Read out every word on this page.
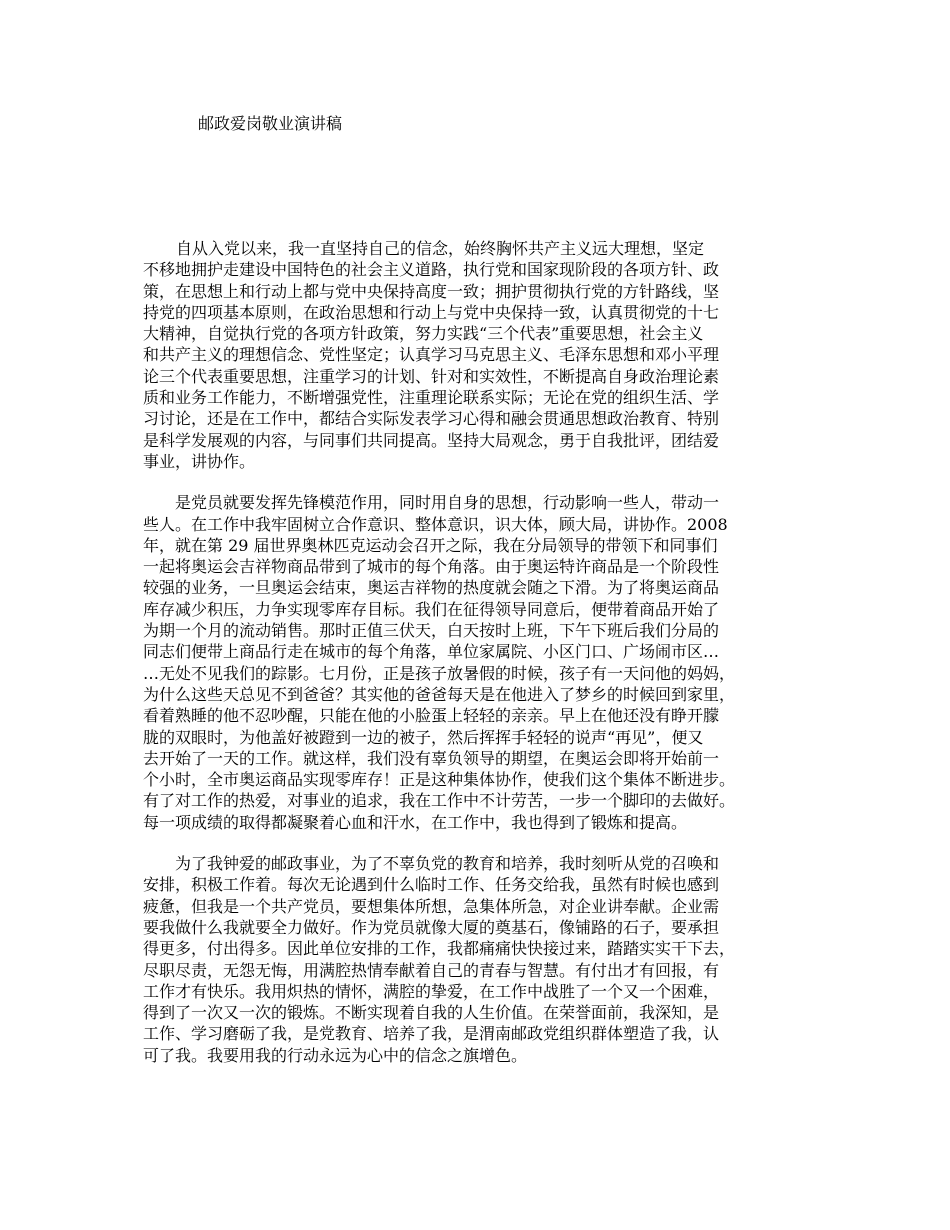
邮政爱岗敬业演讲稿

自从入党以来，我一直坚持自己的信念，始终胸怀共产主义远大理想，坚定
不移地拥护走建设中国特色的社会主义道路，执行党和国家现阶段的各项方针、政
策，在思想上和行动上都与党中央保持高度一致；拥护贯彻执行党的方针路线，坚
持党的四项基本原则，在政治思想和行动上与党中央保持一致，认真贯彻党的十七
大精神，自觉执行党的各项方针政策，努力实践“三个代表”重要思想，社会主义
和共产主义的理想信念、党性坚定；认真学习马克思主义、毛泽东思想和邓小平理
论三个代表重要思想，注重学习的计划、针对和实效性，不断提高自身政治理论素
质和业务工作能力，不断增强党性，注重理论联系实际；无论在党的组织生活、学
习讨论，还是在工作中，都结合实际发表学习心得和融会贯通思想政治教育、特别
是科学发展观的内容，与同事们共同提高。坚持大局观念，勇于自我批评，团结爱
事业，讲协作。

是党员就要发挥先锋模范作用，同时用自身的思想，行动影响一些人，带动一
些人。在工作中我牢固树立合作意识、整体意识，识大体，顾大局，讲协作。2008
年，就在第 29 届世界奥林匹克运动会召开之际，我在分局领导的带领下和同事们
一起将奥运会吉祥物商品带到了城市的每个角落。由于奥运特许商品是一个阶段性
较强的业务，一旦奥运会结束，奥运吉祥物的热度就会随之下滑。为了将奥运商品
库存减少积压，力争实现零库存目标。我们在征得领导同意后，便带着商品开始了
为期一个月的流动销售。那时正值三伏天，白天按时上班，下午下班后我们分局的
同志们便带上商品行走在城市的每个角落，单位家属院、小区门口、广场闹市区…
…无处不见我们的踪影。七月份，正是孩子放暑假的时候，孩子有一天问他的妈妈，
为什么这些天总见不到爸爸？其实他的爸爸每天是在他进入了梦乡的时候回到家里，
看着熟睡的他不忍吵醒，只能在他的小脸蛋上轻轻的亲亲。早上在他还没有睁开朦
胧的双眼时，为他盖好被蹬到一边的被子，然后挥挥手轻轻的说声“再见”，便又
去开始了一天的工作。就这样，我们没有辜负领导的期望，在奥运会即将开始前一
个小时，全市奥运商品实现零库存！正是这种集体协作，使我们这个集体不断进步。
有了对工作的热爱，对事业的追求，我在工作中不计劳苦，一步一个脚印的去做好。
每一项成绩的取得都凝聚着心血和汗水，在工作中，我也得到了锻炼和提高。

为了我钟爱的邮政事业，为了不辜负党的教育和培养，我时刻听从党的召唤和
安排，积极工作着。每次无论遇到什么临时工作、任务交给我，虽然有时候也感到
疲惫，但我是一个共产党员，要想集体所想，急集体所急，对企业讲奉献。企业需
要我做什么我就要全力做好。作为党员就像大厦的奠基石，像铺路的石子，要承担
得更多，付出得多。因此单位安排的工作，我都痛痛快快接过来，踏踏实实干下去，
尽职尽责，无怨无悔，用满腔热情奉献着自己的青春与智慧。有付出才有回报，有
工作才有快乐。我用炽热的情怀，满腔的挚爱，在工作中战胜了一个又一个困难，
得到了一次又一次的锻炼。不断实现着自我的人生价值。在荣誉面前，我深知，是
工作、学习磨砺了我，是党教育、培养了我，是渭南邮政党组织群体塑造了我，认
可了我。我要用我的行动永远为心中的信念之旗增色。
